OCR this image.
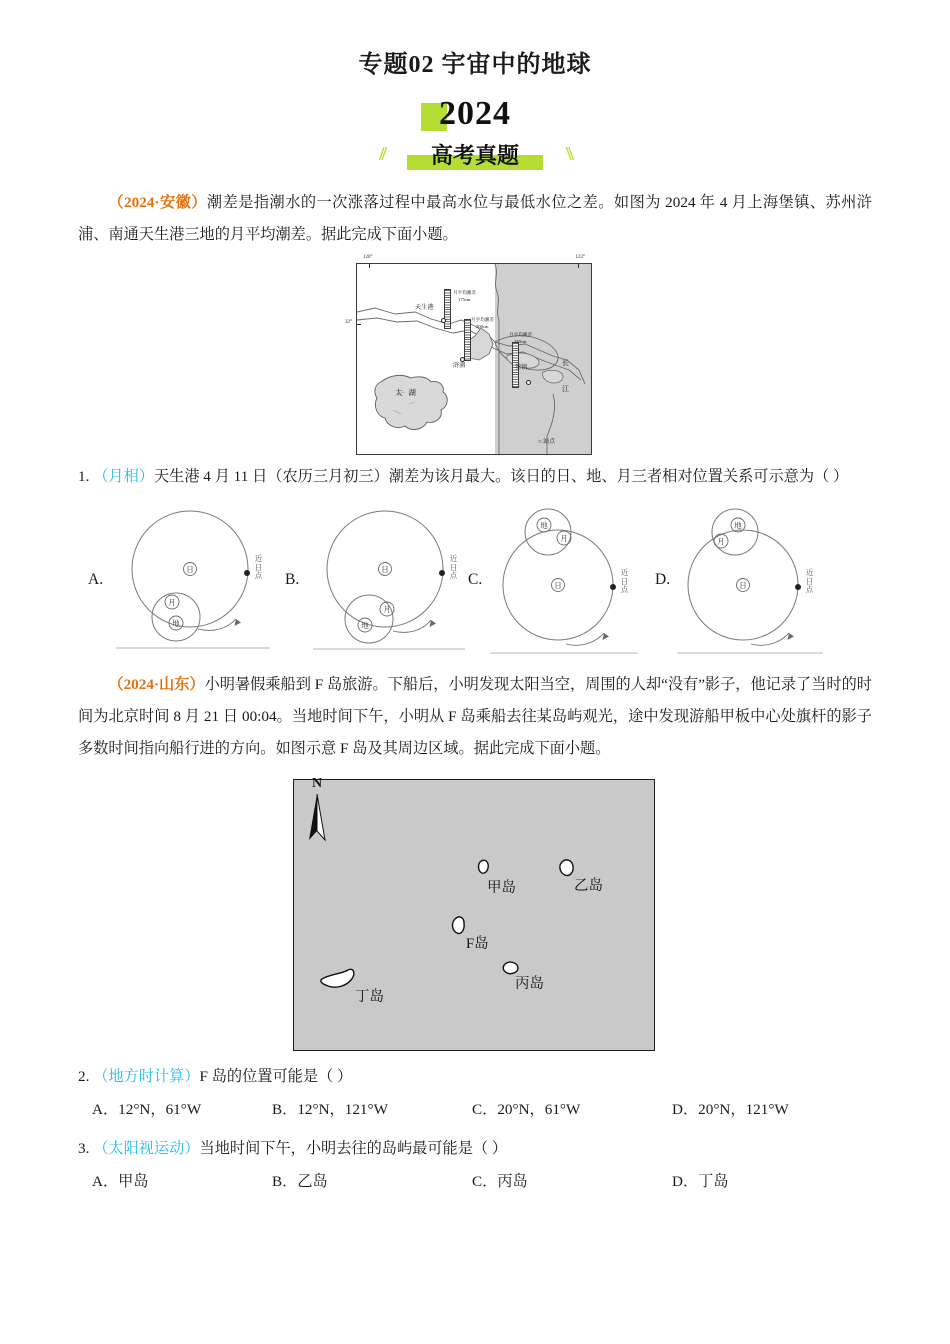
专题02 宇宙中的地球
2024
//	\\
高考真题

（2024·安徽）潮差是指潮水的一次涨落过程中最高水位与最低水位之差。如图为 2024 年 4 月上海堡镇、苏州浒浦、南通天生港三地的月平均潮差。据此完成下面小题。

120°	122°
32°
月平均潮差
175cm
月平均潮差
200cm
月平均潮差
239cm
天生港
浒浦	堡镇
太 湖
长
江
○ 站点

1. （月相）天生港 4 月 11 日（农历三月初三）潮差为该月最大。该日的日、地、月三者相对位置关系可示意为（ ）

A.
日
地
月
近日点 B.
日
地
月
近日点 C.	日
地
月
近日点
D.	日
地
月
近日点

（2024·山东）小明暑假乘船到 F 岛旅游。下船后，小明发现太阳当空，周围的人却“没有”影子，他记录了当时的时间为北京时间 8 月 21 日 00:04。当地时间下午，小明从 F 岛乘船去往某岛屿观光，途中发现游船甲板中心处旗杆的影子多数时间指向船行进的方向。如图示意 F 岛及其周边区域。据此完成下面小题。

N
甲岛	乙岛
F岛
丙岛
丁岛

2. （地方时计算）F 岛的位置可能是（ ）

A．12°N，61°W	B．12°N，121°W	C．20°N，61°W	D．20°N，121°W

3. （太阳视运动）当地时间下午，小明去往的岛屿最可能是（ ）

A．甲岛	B．乙岛	C．丙岛	D．丁岛
